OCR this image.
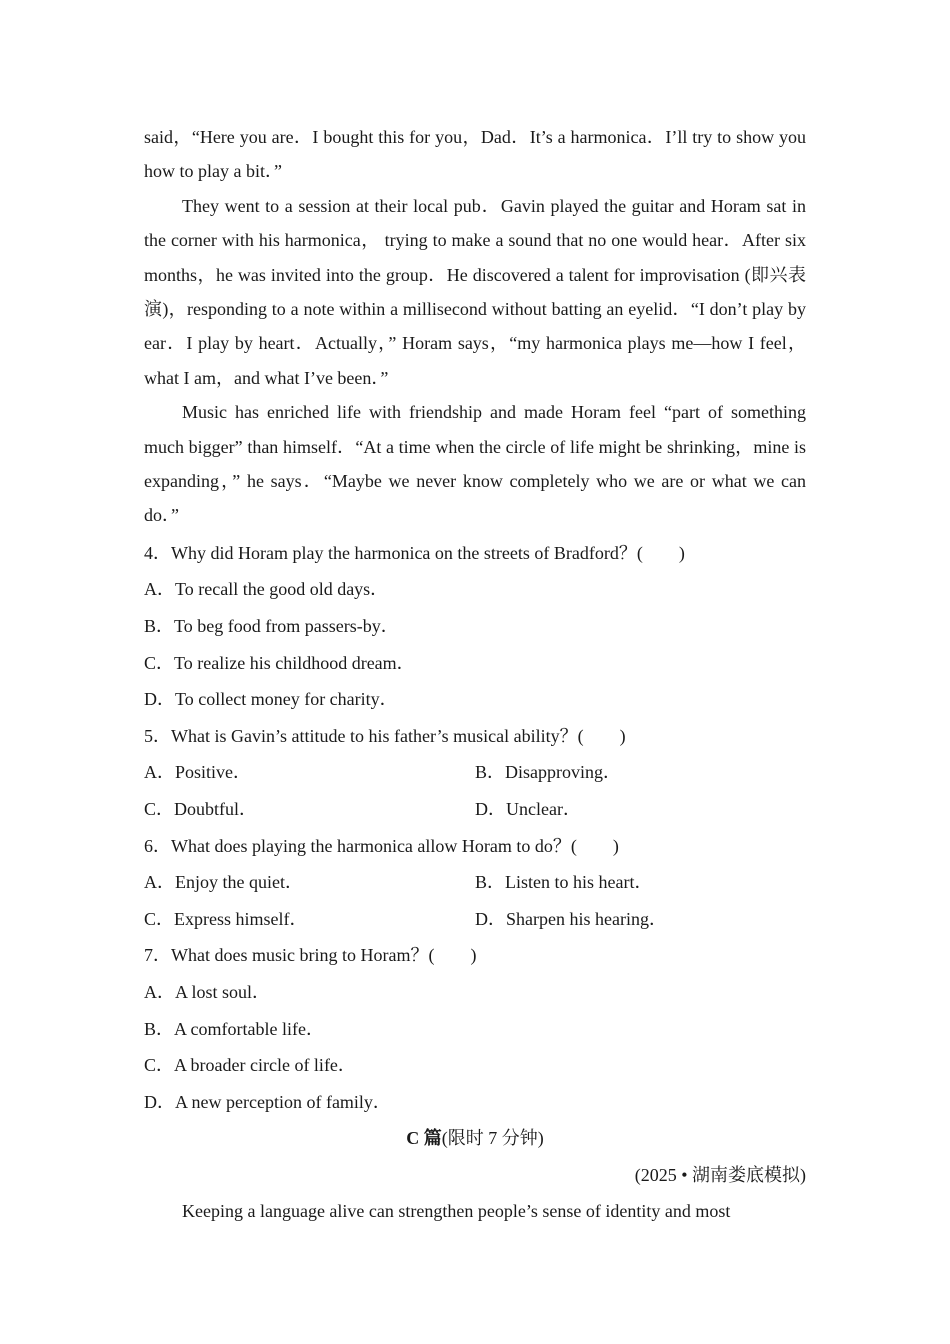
said，“Here you are．I bought this for you，Dad．It’s a harmonica．I’ll try to show you how to play a bit．”

They went to a session at their local pub．Gavin played the guitar and Horam sat in the corner with his harmonica， trying to make a sound that no one would hear．After six months，he was invited into the group．He discovered a talent for improvisation (即兴表演)，responding to a note within a millisecond without batting an eyelid．“I don’t play by ear．I play by heart．Actually，” Horam says，“my harmonica plays me—how I feel，what I am，and what I’ve been．”

Music has enriched life with friendship and made Horam feel “part of something much bigger” than himself．“At a time when the circle of life might be shrinking，mine is expanding，” he says．“Maybe we never know completely who we are or what we can do．”

4．Why did Horam play the harmonica on the streets of Bradford？(　　)

A．To recall the good old days．

B．To beg food from passers-by．

C．To realize his childhood dream．

D．To collect money for charity．

5．What is Gavin’s attitude to his father’s musical ability？(　　)

A．Positive．	B．Disapproving．
C．Doubtful．	D．Unclear．

6．What does playing the harmonica allow Horam to do？(　　)

A．Enjoy the quiet．	B．Listen to his heart．
C．Express himself．	D．Sharpen his hearing．

7．What does music bring to Horam？(　　)

A．A lost soul．

B．A comfortable life．

C．A broader circle of life．

D．A new perception of family．

C 篇(限时 7 分钟)

(2025 • 湖南娄底模拟)

Keeping a language alive can strengthen people’s sense of identity and most
